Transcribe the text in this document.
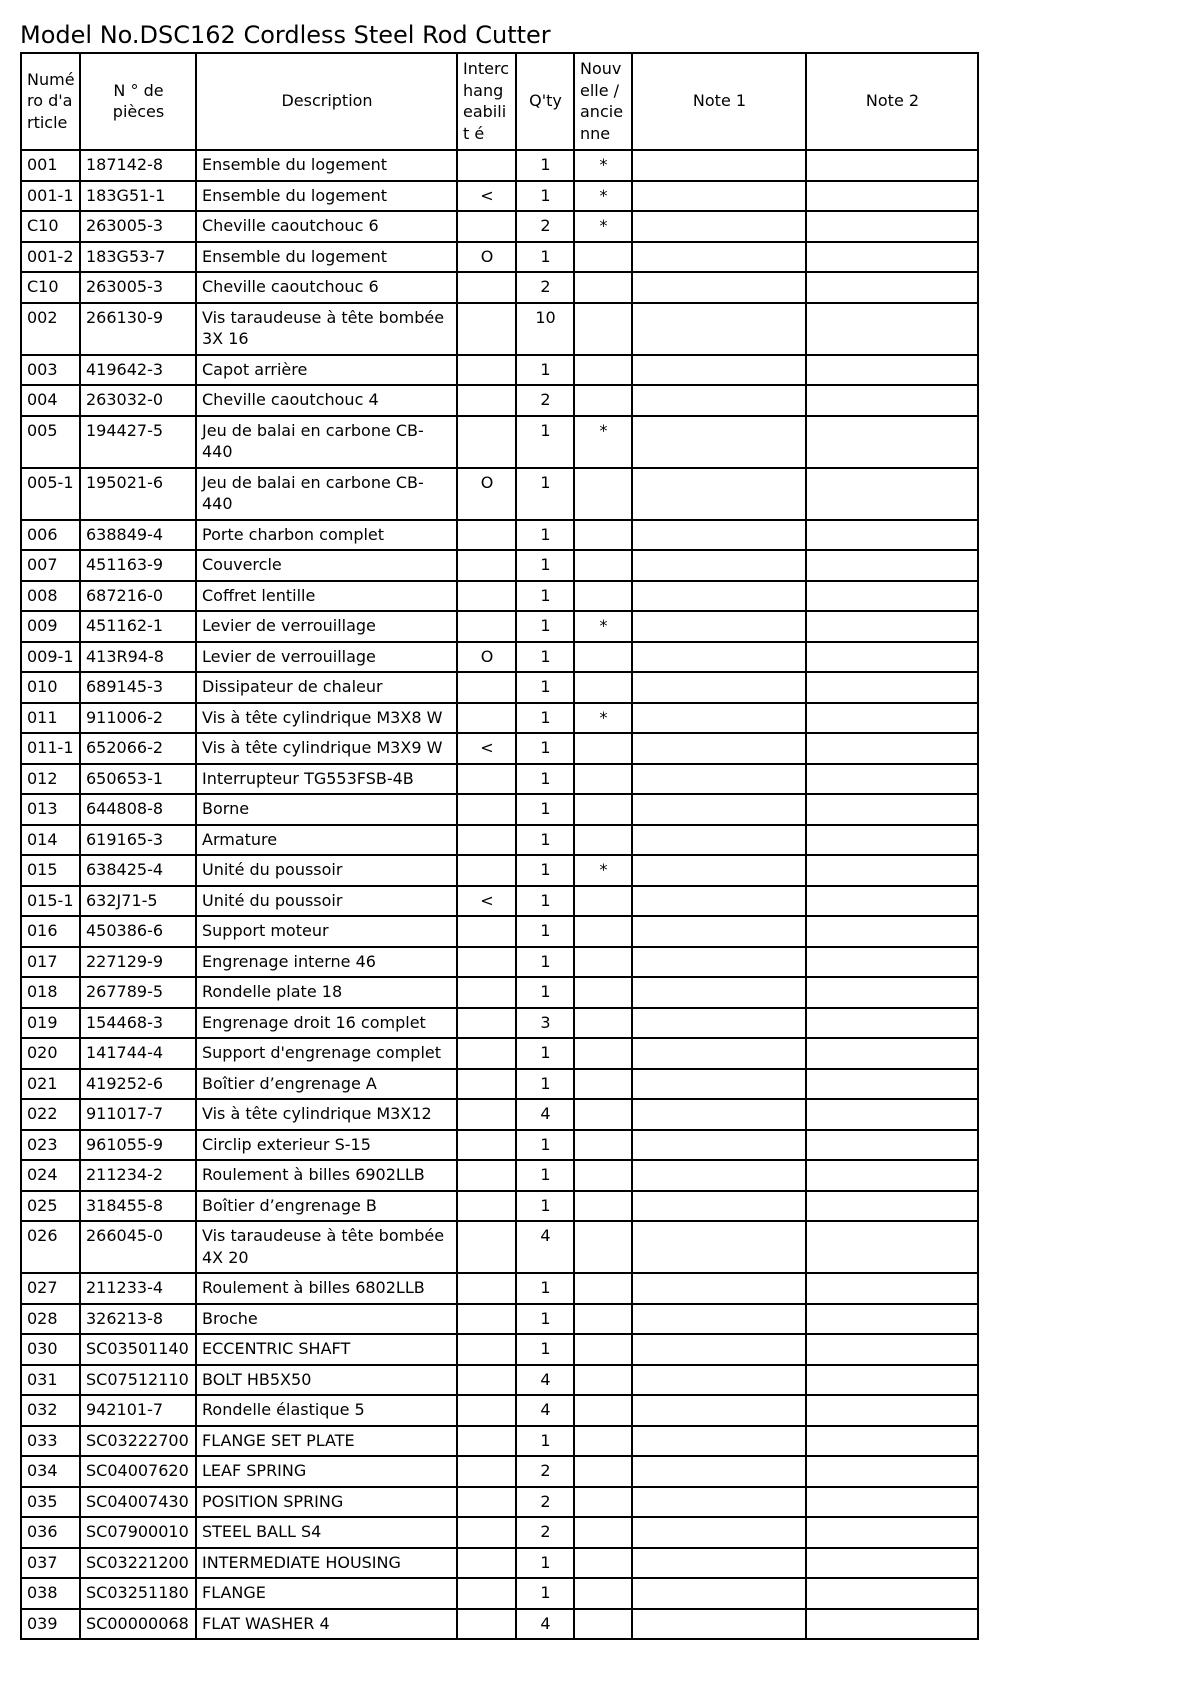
Model No.DSC162 Cordless Steel Rod Cutter
Numé ro d'a rticle	N ° de pièces	Description	Interc hang eabilit é	Q'ty	Nouv elle / ancie nne	Note 1	Note 2
001	187142-8	Ensemble du logement		1	*		
001-1	183G51-1	Ensemble du logement	<	1	*		
C10	263005-3	Cheville caoutchouc 6		2	*		
001-2	183G53-7	Ensemble du logement	O	1			
C10	263005-3	Cheville caoutchouc 6		2			
002	266130-9	Vis taraudeuse à tête bombée 3X 16		10			
003	419642-3	Capot arrière		1			
004	263032-0	Cheville caoutchouc 4		2			
005	194427-5	Jeu de balai en carbone CB-440		1	*		
005-1	195021-6	Jeu de balai en carbone CB-440	O	1			
006	638849-4	Porte charbon complet		1			
007	451163-9	Couvercle		1			
008	687216-0	Coffret lentille		1			
009	451162-1	Levier de verrouillage		1	*		
009-1	413R94-8	Levier de verrouillage	O	1			
010	689145-3	Dissipateur de chaleur		1			
011	911006-2	Vis à tête cylindrique M3X8 W		1	*		
011-1	652066-2	Vis à tête cylindrique M3X9 W	<	1			
012	650653-1	Interrupteur TG553FSB-4B		1			
013	644808-8	Borne		1			
014	619165-3	Armature		1			
015	638425-4	Unité du poussoir		1	*		
015-1	632J71-5	Unité du poussoir	<	1			
016	450386-6	Support moteur		1			
017	227129-9	Engrenage interne 46		1			
018	267789-5	Rondelle plate 18		1			
019	154468-3	Engrenage droit 16 complet		3			
020	141744-4	Support d'engrenage complet		1			
021	419252-6	Boîtier d’engrenage A		1			
022	911017-7	Vis à tête cylindrique M3X12		4			
023	961055-9	Circlip exterieur S-15		1			
024	211234-2	Roulement à billes 6902LLB		1			
025	318455-8	Boîtier d’engrenage B		1			
026	266045-0	Vis taraudeuse à tête bombée 4X 20		4			
027	211233-4	Roulement à billes 6802LLB		1			
028	326213-8	Broche		1			
030	SC03501140	ECCENTRIC SHAFT		1			
031	SC07512110	BOLT HB5X50		4			
032	942101-7	Rondelle élastique 5		4			
033	SC03222700	FLANGE SET PLATE		1			
034	SC04007620	LEAF SPRING		2			
035	SC04007430	POSITION SPRING		2			
036	SC07900010	STEEL BALL S4		2			
037	SC03221200	INTERMEDIATE HOUSING		1			
038	SC03251180	FLANGE		1			
039	SC00000068	FLAT WASHER 4		4			
